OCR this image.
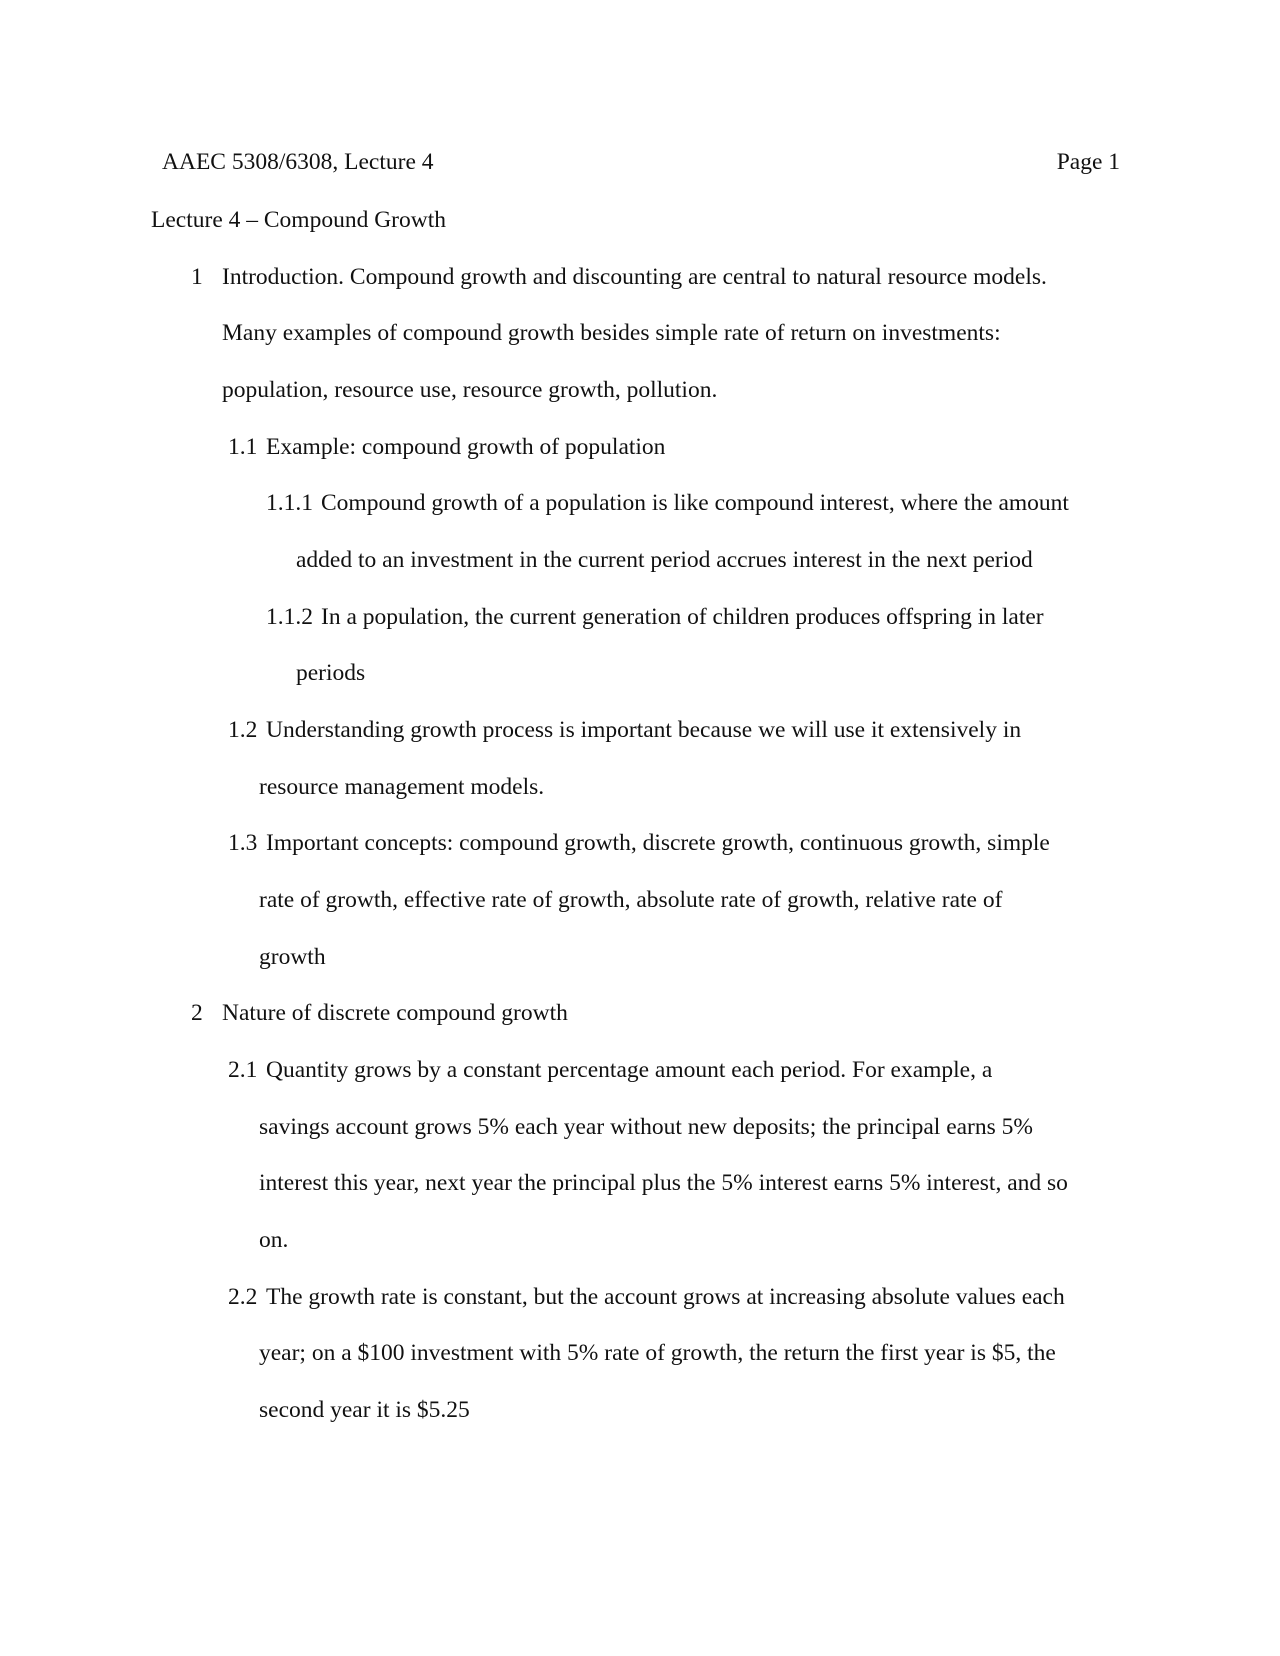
AAEC 5308/6308, Lecture 4	Page 1
Lecture 4 – Compound Growth
1 Introduction. Compound growth and discounting are central to natural resource models.
Many examples of compound growth besides simple rate of return on investments:
population, resource use, resource growth, pollution.
1.1 Example: compound growth of population
1.1.1 Compound growth of a population is like compound interest, where the amount
added to an investment in the current period accrues interest in the next period
1.1.2 In a population, the current generation of children produces offspring in later
periods
1.2 Understanding growth process is important because we will use it extensively in
resource management models.
1.3 Important concepts: compound growth, discrete growth, continuous growth, simple
rate of growth, effective rate of growth, absolute rate of growth, relative rate of
growth
2 Nature of discrete compound growth
2.1 Quantity grows by a constant percentage amount each period. For example, a
savings account grows 5% each year without new deposits; the principal earns 5%
interest this year, next year the principal plus the 5% interest earns 5% interest, and so
on.
2.2 The growth rate is constant, but the account grows at increasing absolute values each
year; on a $100 investment with 5% rate of growth, the return the first year is $5, the
second year it is $5.25
